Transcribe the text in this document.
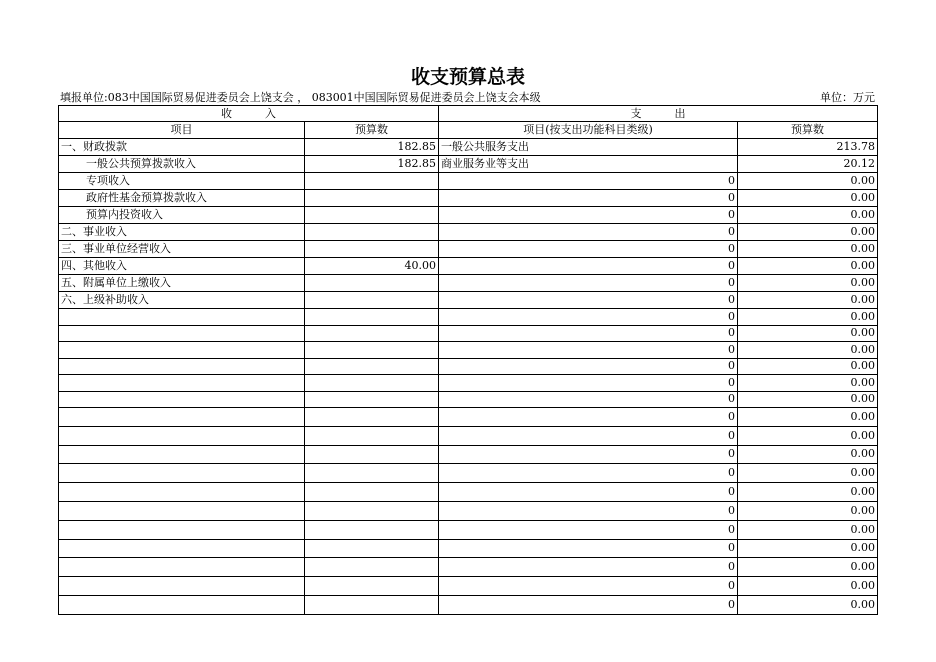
收支预算总表
填报单位:083中国国际贸易促进委员会上饶支会 ， 083001中国国际贸易促进委员会上饶支会本级	单位：万元
收　　　入		支　　　出	
项目	预算数	项目(按支出功能科目类级)	预算数
一、财政拨款	182.85	一般公共服务支出	213.78
一般公共预算拨款收入	182.85	商业服务业等支出	20.12
专项收入		0	0.00
政府性基金预算拨款收入		0	0.00
预算内投资收入		0	0.00
二、事业收入		0	0.00
三、事业单位经营收入		0	0.00
四、其他收入	40.00	0	0.00
五、附属单位上缴收入		0	0.00
六、上级补助收入		0	0.00
		0	0.00
		0	0.00
		0	0.00
		0	0.00
		0	0.00
		0	0.00
		0	0.00
		0	0.00
		0	0.00
		0	0.00
		0	0.00
		0	0.00
		0	0.00
		0	0.00
		0	0.00
		0	0.00
		0	0.00
